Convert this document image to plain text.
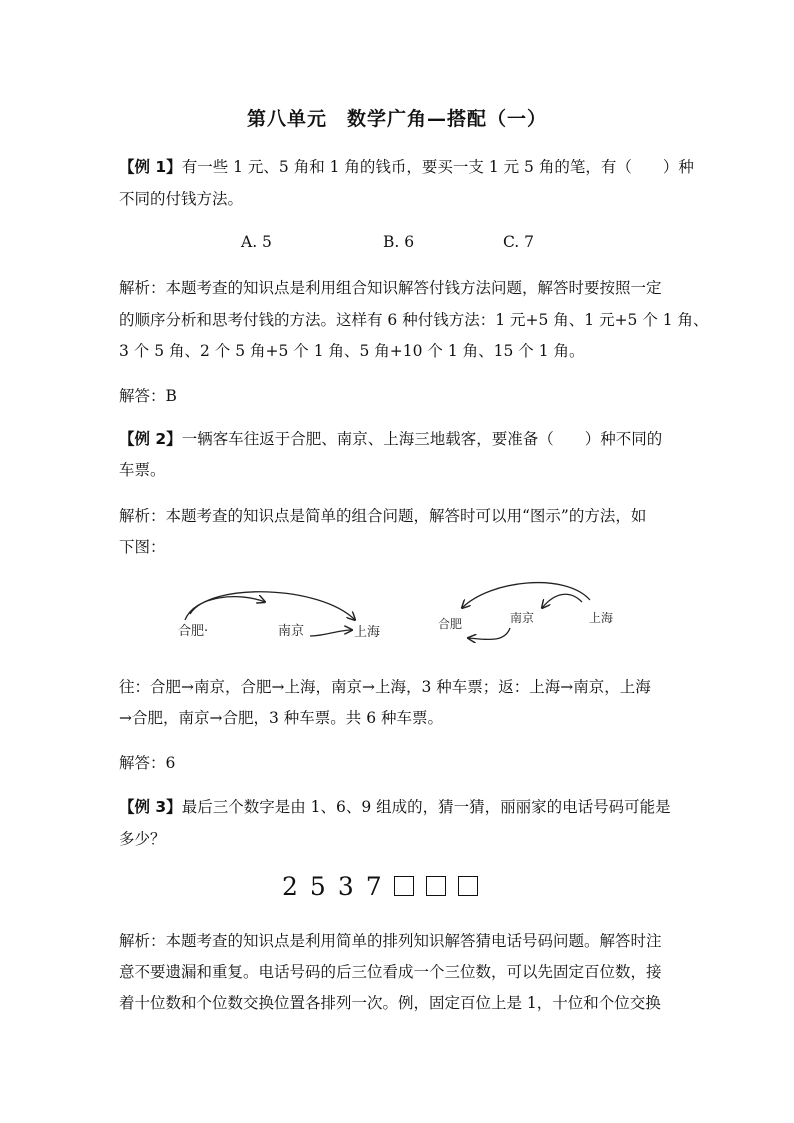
第八单元　数学广角—搭配（一）
【例 1】有一些 1 元、5 角和 1 角的钱币，要买一支 1 元 5 角的笔，有（　　）种
不同的付钱方法。
A. 5	B. 6	C. 7
解析：本题考查的知识点是利用组合知识解答付钱方法问题，解答时要按照一定
的顺序分析和思考付钱的方法。这样有 6 种付钱方法：1 元+5 角、1 元+5 个 1 角、
3 个 5 角、2 个 5 角+5 个 1 角、5 角+10 个 1 角、15 个 1 角。
解答：B
【例 2】一辆客车往返于合肥、南京、上海三地载客，要准备（　　）种不同的
车票。
解析：本题考查的知识点是简单的组合问题，解答时可以用“图示”的方法，如
下图：
合肥·	南京	上海
合肥	南京	上海
往：合肥→南京，合肥→上海，南京→上海，3 种车票；返：上海→南京，上海
→合肥，南京→合肥，3 种车票。共 6 种车票。
解答：6
【例 3】最后三个数字是由 1、6、9 组成的，猜一猜，丽丽家的电话号码可能是
多少？
2 5 3 7
解析：本题考查的知识点是利用简单的排列知识解答猜电话号码问题。解答时注
意不要遗漏和重复。电话号码的后三位看成一个三位数，可以先固定百位数，接
着十位数和个位数交换位置各排列一次。例，固定百位上是 1，十位和个位交换
